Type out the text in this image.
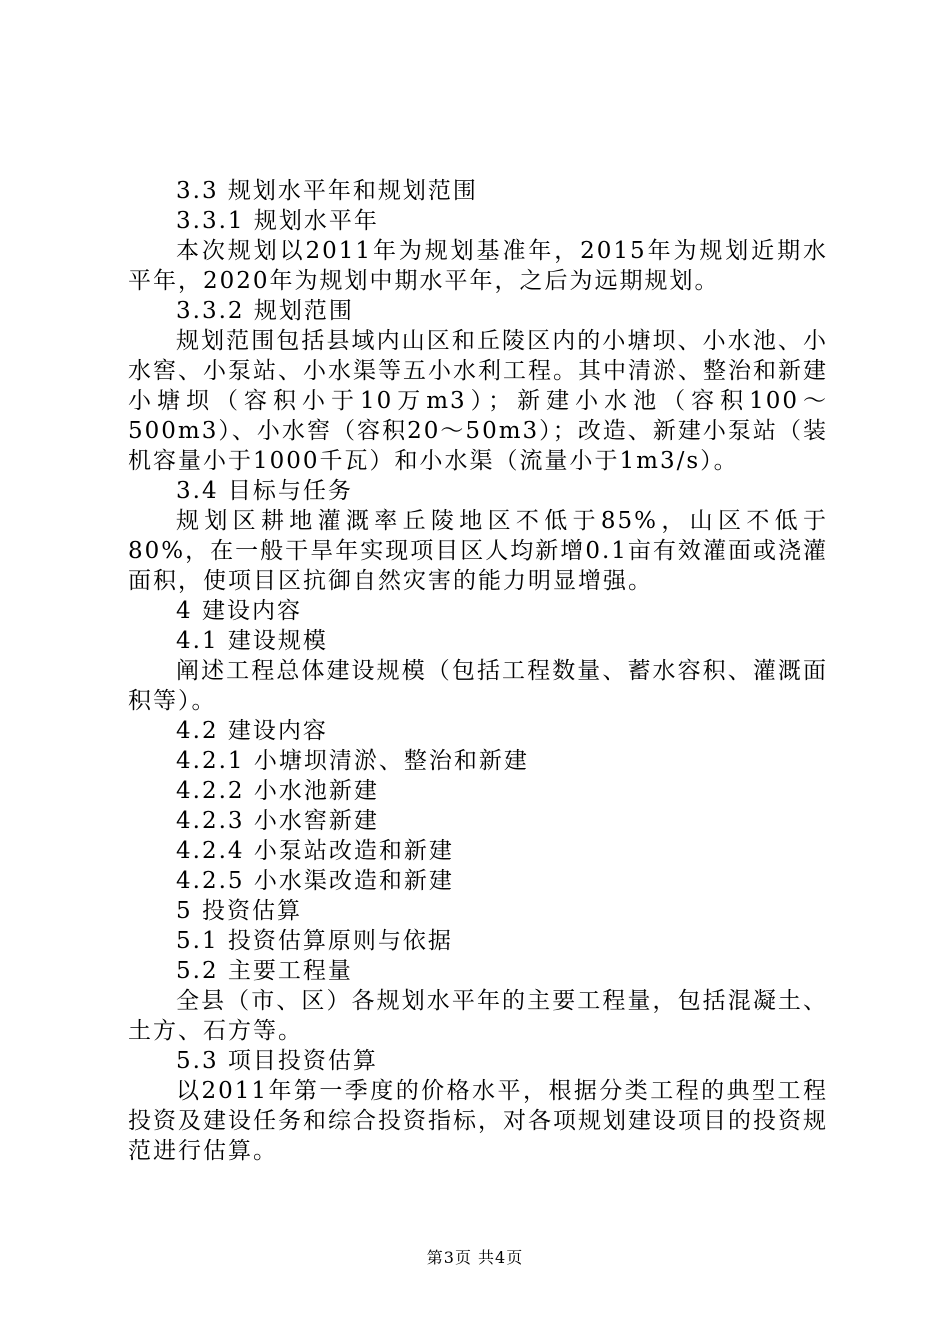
3.3 规划水平年和规划范围

3.3.1 规划水平年

本次规划以2011年为规划基准年，2015年为规划近期水平年，2020年为规划中期水平年，之后为远期规划。

3.3.2 规划范围

规划范围包括县域内山区和丘陵区内的小塘坝、小水池、小水窖、小泵站、小水渠等五小水利工程。其中清淤、整治和新建小塘坝（容积小于10万m3）；新建小水池（容积100～500m3）、小水窖（容积20～50m3）；改造、新建小泵站（装机容量小于1000千瓦）和小水渠（流量小于1m3/s）。

3.4 目标与任务

规划区耕地灌溉率丘陵地区不低于85%，山区不低于80%，在一般干旱年实现项目区人均新增0.1亩有效灌面或浇灌面积，使项目区抗御自然灾害的能力明显增强。

4 建设内容

4.1 建设规模

阐述工程总体建设规模（包括工程数量、蓄水容积、灌溉面积等）。

4.2 建设内容

4.2.1 小塘坝清淤、整治和新建

4.2.2 小水池新建

4.2.3 小水窖新建

4.2.4 小泵站改造和新建

4.2.5 小水渠改造和新建

5 投资估算

5.1 投资估算原则与依据

5.2 主要工程量

全县（市、区）各规划水平年的主要工程量，包括混凝土、土方、石方等。

5.3 项目投资估算

以2011年第一季度的价格水平，根据分类工程的典型工程投资及建设任务和综合投资指标，对各项规划建设项目的投资规范进行估算。

第3页 共4页
